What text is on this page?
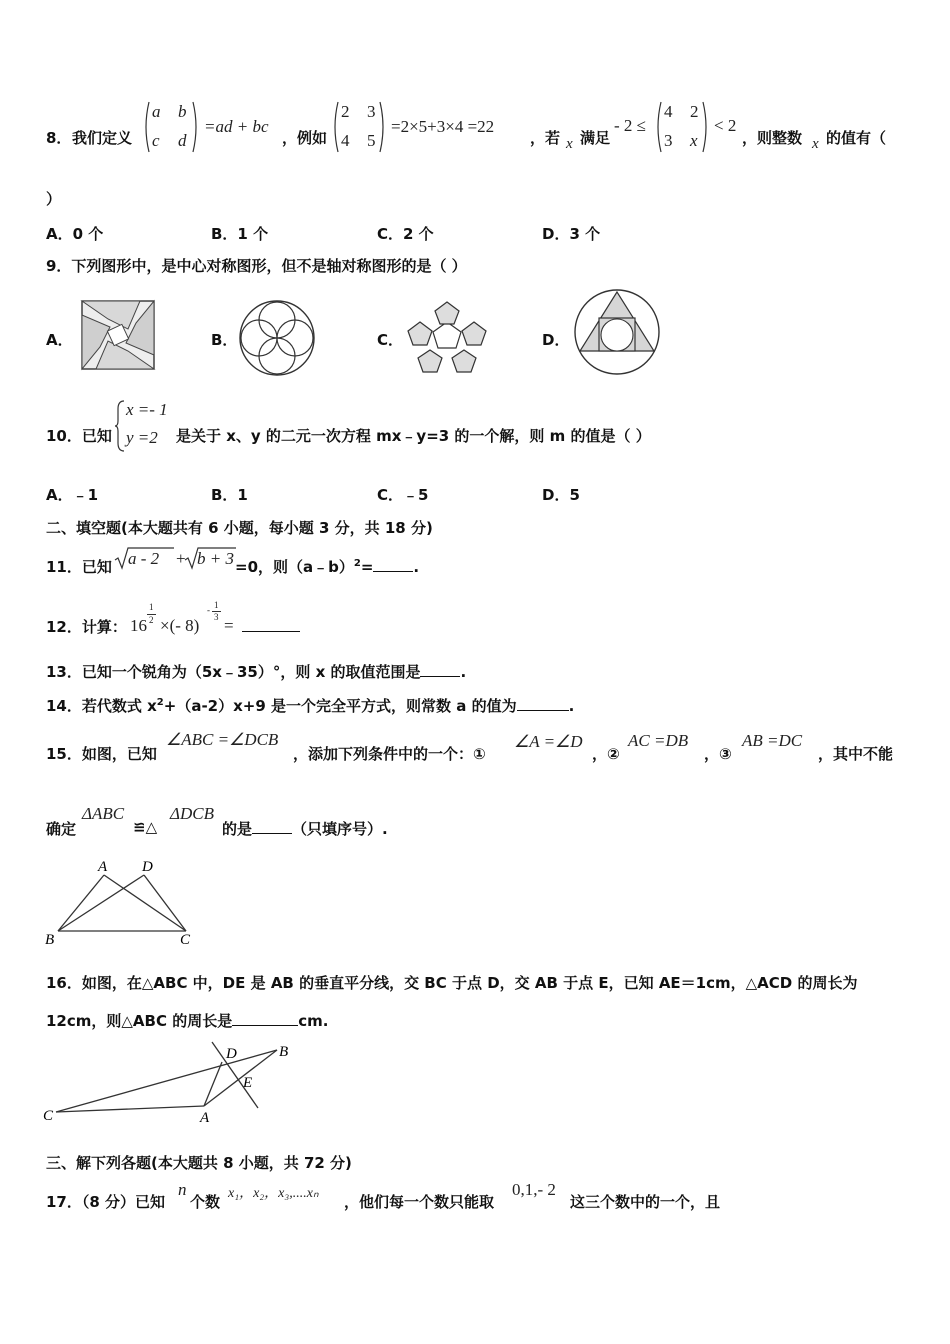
8． 我们定义
a b
c d
=ad + bc
，例如
2 3
4 5
=2×5+3×4 =22
，若 x 满足
- 2 ≤
4 2
3 x
< 2
，则整数 x 的值有（
）
A．0 个	B．1 个	C．2 个	D．3 个
9．下列图形中，是中心对称图形，但不是轴对称图形的是（ ）
A．	B．	C．	D．
10．已知
x =- 1
y =2 是关于 x、y 的二元一次方程 mx﹣y=3 的一个解，则 m 的值是（ ）
A．﹣1	B．1	C．﹣5	D．5
二、填空题(本大题共有 6 小题，每小题 3 分，共 18 分)
11．已知 a - 2 + b + 3 =0，则（a﹣b）$^2$=	.
12．计算： 16
1
2 ×(- 8)
- 1
3 =
13．已知一个锐角为（5x﹣35）°，则 x 的取值范围是	.
14．若代数式 $x^2+(a-2)x+9$ 是一个完全平方式，则常数 a 的值为	.
15．如图，已知
∠ABC =∠DCB
，添加下列条件中的一个：①
∠A =∠D
，②
AC =DB
，③
AB =DC
，其中不能
确定
ΔABC
≌△
ΔDCB
的是	（只填序号）.
A D
B	C
16．如图，在△ABC 中，DE 是 AB 的垂直平分线，交 BC 于点 D，交 AB 于点 E，已知 AE＝1cm，△ACD 的周长为
12cm，则△ABC 的周长是	cm.
D	B
E
C	A
三、解下列各题(本大题共 8 小题，共 72 分)
17．（8 分）已知
n
个数 x₁，x₂，x₃,....xₙ ，他们每一个数只能取
0,1,- 2
这三个数中的一个，且
